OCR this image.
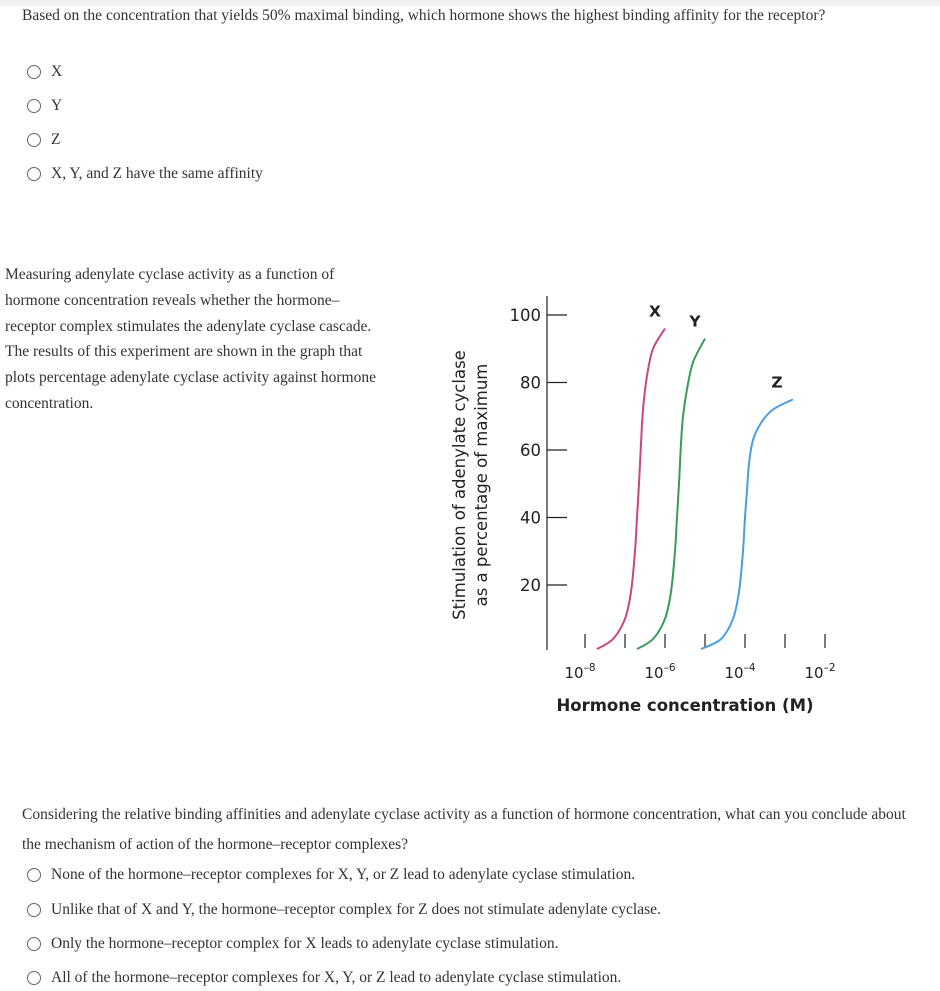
Based on the concentration that yields 50% maximal binding, which hormone shows the highest binding affinity for the receptor?
X
Y
Z
X, Y, and Z have the same affinity
Measuring adenylate cyclase activity as a function of hormone concentration reveals whether the hormone–receptor complex stimulates the adenylate cyclase cascade. The results of this experiment are shown in the graph that plots percentage adenylate cyclase activity against hormone concentration.	Stimulation of adenylate cyclase as a percentage of maximum
100
80
60
40
20
$10^{-8}$	$10^{-6}$	$10^{-4}$	$10^{-2}$
X
Y
Z
Hormone concentration (M)
Considering the relative binding affinities and adenylate cyclase activity as a function of hormone concentration, what can you conclude about the mechanism of action of the hormone–receptor complexes?
None of the hormone–receptor complexes for X, Y, or Z lead to adenylate cyclase stimulation.
Unlike that of X and Y, the hormone–receptor complex for Z does not stimulate adenylate cyclase.
Only the hormone–receptor complex for X leads to adenylate cyclase stimulation.
All of the hormone–receptor complexes for X, Y, or Z lead to adenylate cyclase stimulation.
